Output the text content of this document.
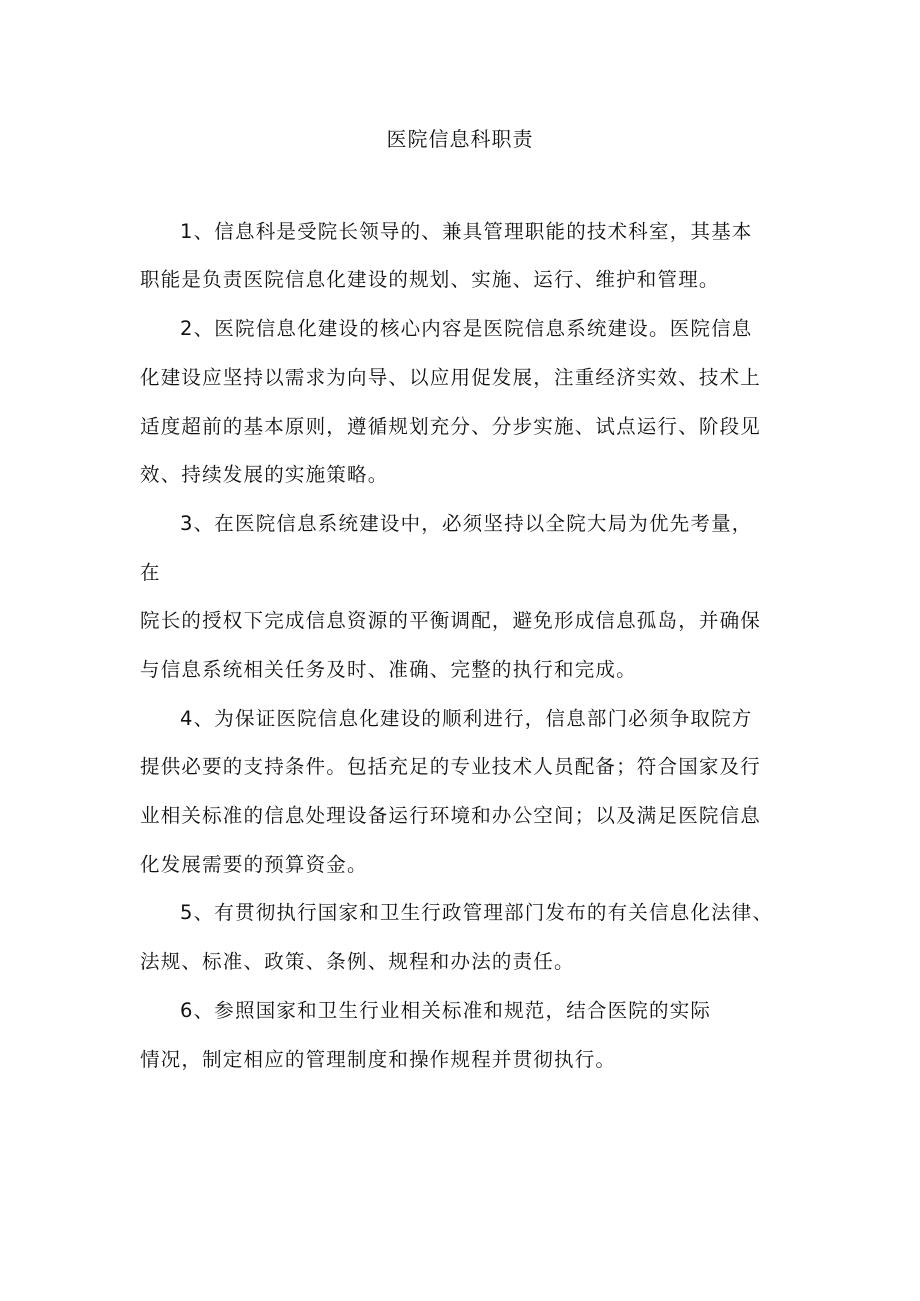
医院信息科职责
1、信息科是受院长领导的、兼具管理职能的技术科室，其基本
职能是负责医院信息化建设的规划、实施、运行、维护和管理。
2、医院信息化建设的核心内容是医院信息系统建设。医院信息
化建设应坚持以需求为向导、以应用促发展，注重经济实效、技术上
适度超前的基本原则，遵循规划充分、分步实施、试点运行、阶段见
效、持续发展的实施策略。
3、在医院信息系统建设中，必须坚持以全院大局为优先考量，
在
院长的授权下完成信息资源的平衡调配，避免形成信息孤岛，并确保
与信息系统相关任务及时、准确、完整的执行和完成。
4、为保证医院信息化建设的顺利进行，信息部门必须争取院方
提供必要的支持条件。包括充足的专业技术人员配备；符合国家及行
业相关标准的信息处理设备运行环境和办公空间；以及满足医院信息
化发展需要的预算资金。
5、有贯彻执行国家和卫生行政管理部门发布的有关信息化法律、
法规、标准、政策、条例、规程和办法的责任。
6、参照国家和卫生行业相关标准和规范，结合医院的实际
情况，制定相应的管理制度和操作规程并贯彻执行。
